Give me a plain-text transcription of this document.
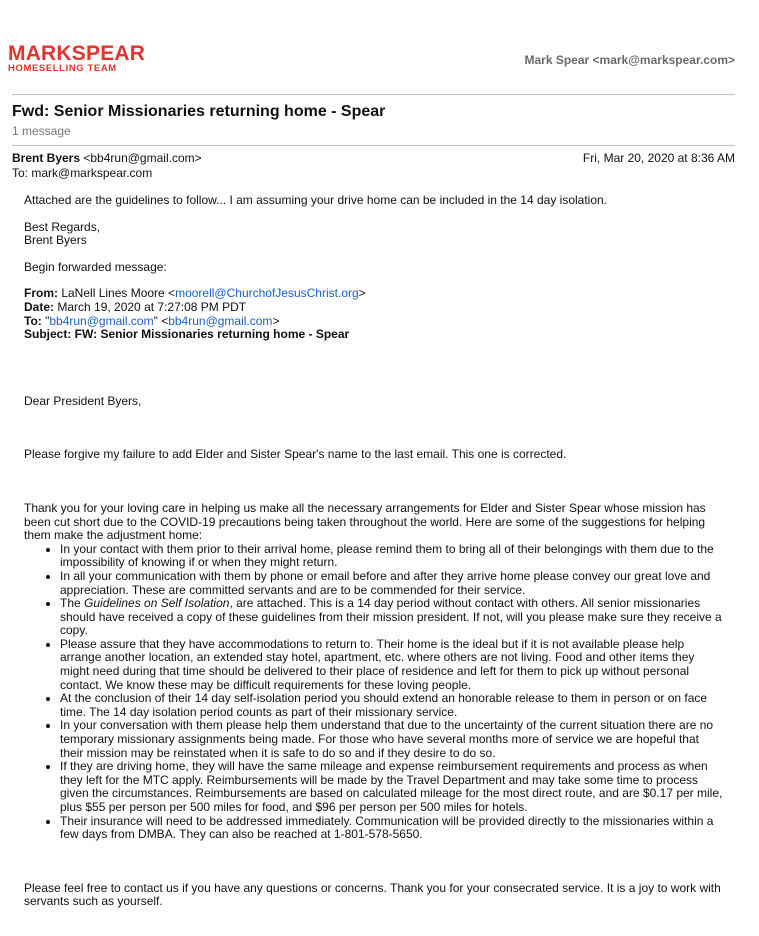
MARKSPEAR
HOMESELLING TEAM
Mark Spear <mark@markspear.com>
Fwd: Senior Missionaries returning home - Spear
1 message
Brent Byers <bb4run@gmail.com>
To: mark@markspear.com
Fri, Mar 20, 2020 at 8:36 AM

Attached are the guidelines to follow... I am assuming your drive home can be included in the 14 day isolation.

Best Regards,

Brent Byers

Begin forwarded message:

From: LaNell Lines Moore <moorell@ChurchofJesusChrist.org>

Date: March 19, 2020 at 7:27:08 PM PDT

To: "bb4run@gmail.com" <bb4run@gmail.com>

Subject: FW: Senior Missionaries returning home - Spear

Dear President Byers,

Please forgive my failure to add Elder and Sister Spear's name to the last email. This one is corrected.

Thank you for your loving care in helping us make all the necessary arrangements for Elder and Sister Spear whose mission has been cut short due to the COVID-19 precautions being taken throughout the world. Here are some of the suggestions for helping them make the adjustment home:

• In your contact with them prior to their arrival home, please remind them to bring all of their belongings with them due to the impossibility of knowing if or when they might return.
• In all your communication with them by phone or email before and after they arrive home please convey our great love and appreciation. These are committed servants and are to be commended for their service.
• The Guidelines on Self Isolation, are attached. This is a 14 day period without contact with others. All senior missionaries should have received a copy of these guidelines from their mission president. If not, will you please make sure they receive a copy.
• Please assure that they have accommodations to return to. Their home is the ideal but if it is not available please help arrange another location, an extended stay hotel, apartment, etc. where others are not living. Food and other items they might need during that time should be delivered to their place of residence and left for them to pick up without personal contact. We know these may be difficult requirements for these loving people.
• At the conclusion of their 14 day self-isolation period you should extend an honorable release to them in person or on face time. The 14 day isolation period counts as part of their missionary service.
• In your conversation with them please help them understand that due to the uncertainty of the current situation there are no temporary missionary assignments being made. For those who have several months more of service we are hopeful that their mission may be reinstated when it is safe to do so and if they desire to do so.
• If they are driving home, they will have the same mileage and expense reimbursement requirements and process as when they left for the MTC apply. Reimbursements will be made by the Travel Department and may take some time to process given the circumstances. Reimbursements are based on calculated mileage for the most direct route, and are $0.17 per mile, plus $55 per person per 500 miles for food, and $96 per person per 500 miles for hotels.
• Their insurance will need to be addressed immediately. Communication will be provided directly to the missionaries within a few days from DMBA. They can also be reached at 1-801-578-5650.

Please feel free to contact us if you have any questions or concerns. Thank you for your consecrated service. It is a joy to work with servants such as yourself.
